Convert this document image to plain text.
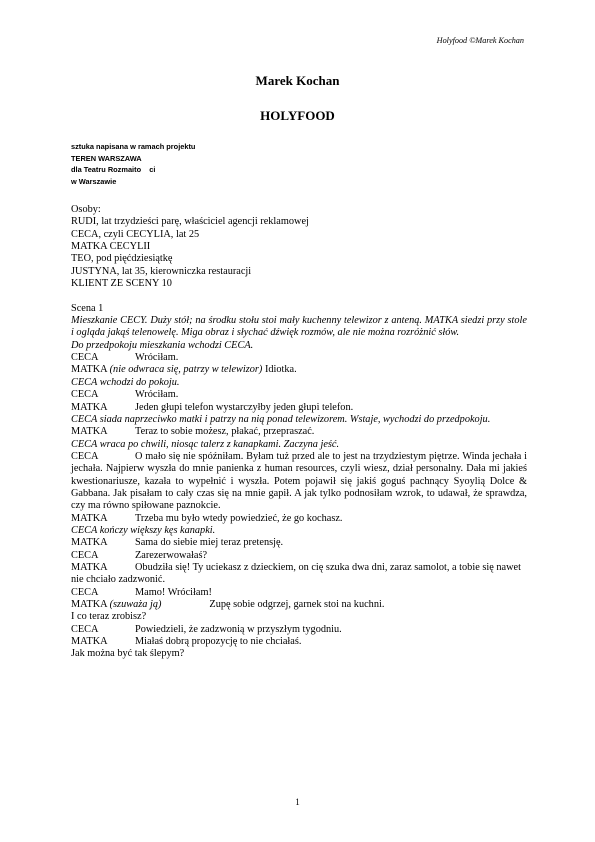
Holyfood ©Marek Kochan
Marek Kochan
HOLYFOOD
sztuka napisana w ramach projektu
TEREN WARSZAWA
dla Teatru Rozmaito    ci
w Warszawie

Osoby:

RUDI, lat trzydzieści parę, właściciel agencji reklamowej

CECA, czyli CECYLIA, lat 25

MATKA CECYLII

TEO, pod pięćdziesiątkę

JUSTYNA, lat 35, kierowniczka restauracji

KLIENT ZE SCENY 10

Scena 1

Mieszkanie CECY. Duży stół; na środku stołu stoi mały kuchenny telewizor z anteną. MATKA siedzi przy stole i ogląda jakąś telenowelę. Miga obraz i słychać dźwięk rozmów, ale nie można rozróżnić słów.

Do przedpokoju mieszkania wchodzi CECA.

CECA	Wróciłam.

MATKA (nie odwraca się, patrzy w telewizor) Idiotka.

CECA wchodzi do pokoju.

CECA	Wróciłam.

MATKA	Jeden głupi telefon wystarczyłby jeden głupi telefon.

CECA siada naprzeciwko matki i patrzy na nią ponad telewizorem. Wstaje, wychodzi do przedpokoju.

MATKA	Teraz to sobie możesz, płakać, przepraszać.

CECA wraca po chwili, niosąc talerz z kanapkami. Zaczyna jeść.

CECA	O mało się nie spóźniłam. Byłam tuż przed ale to jest na trzydziestym piętrze. Winda jechała i jechała. Najpierw wyszła do mnie panienka z human resources, czyli wiesz, dział personalny. Dała mi jakieś kwestionariusze, kazała to wypełnić i wyszła. Potem pojawił się jakiś goguś pachnący Syoylią Dolce & Gabbana. Jak pisałam to cały czas się na mnie gapił. A jak tylko podnosiłam wzrok, to udawał, że sprawdza, czy ma równo spiłowane paznokcie.

MATKA	Trzeba mu było wtedy powiedzieć, że go kochasz.

CECA kończy większy kęs kanapki.

MATKA	Sama do siebie miej teraz pretensję.

CECA	Zarezerwowałaś?

MATKA	Obudziła się! Ty uciekasz z dzieckiem, on cię szuka dwa dni, zaraz samolot, a tobie się nawet nie chciało zadzwonić.

CECA	Mamo! Wróciłam!

MATKA (szuważa ją)	Zupę sobie odgrzej, garnek stoi na kuchni.

I co teraz zrobisz?

CECA	Powiedzieli, że zadzwonią w przyszłym tygodniu.

MATKA	Miałaś dobrą propozycję to nie chciałaś.

Jak można być tak ślepym?

1
